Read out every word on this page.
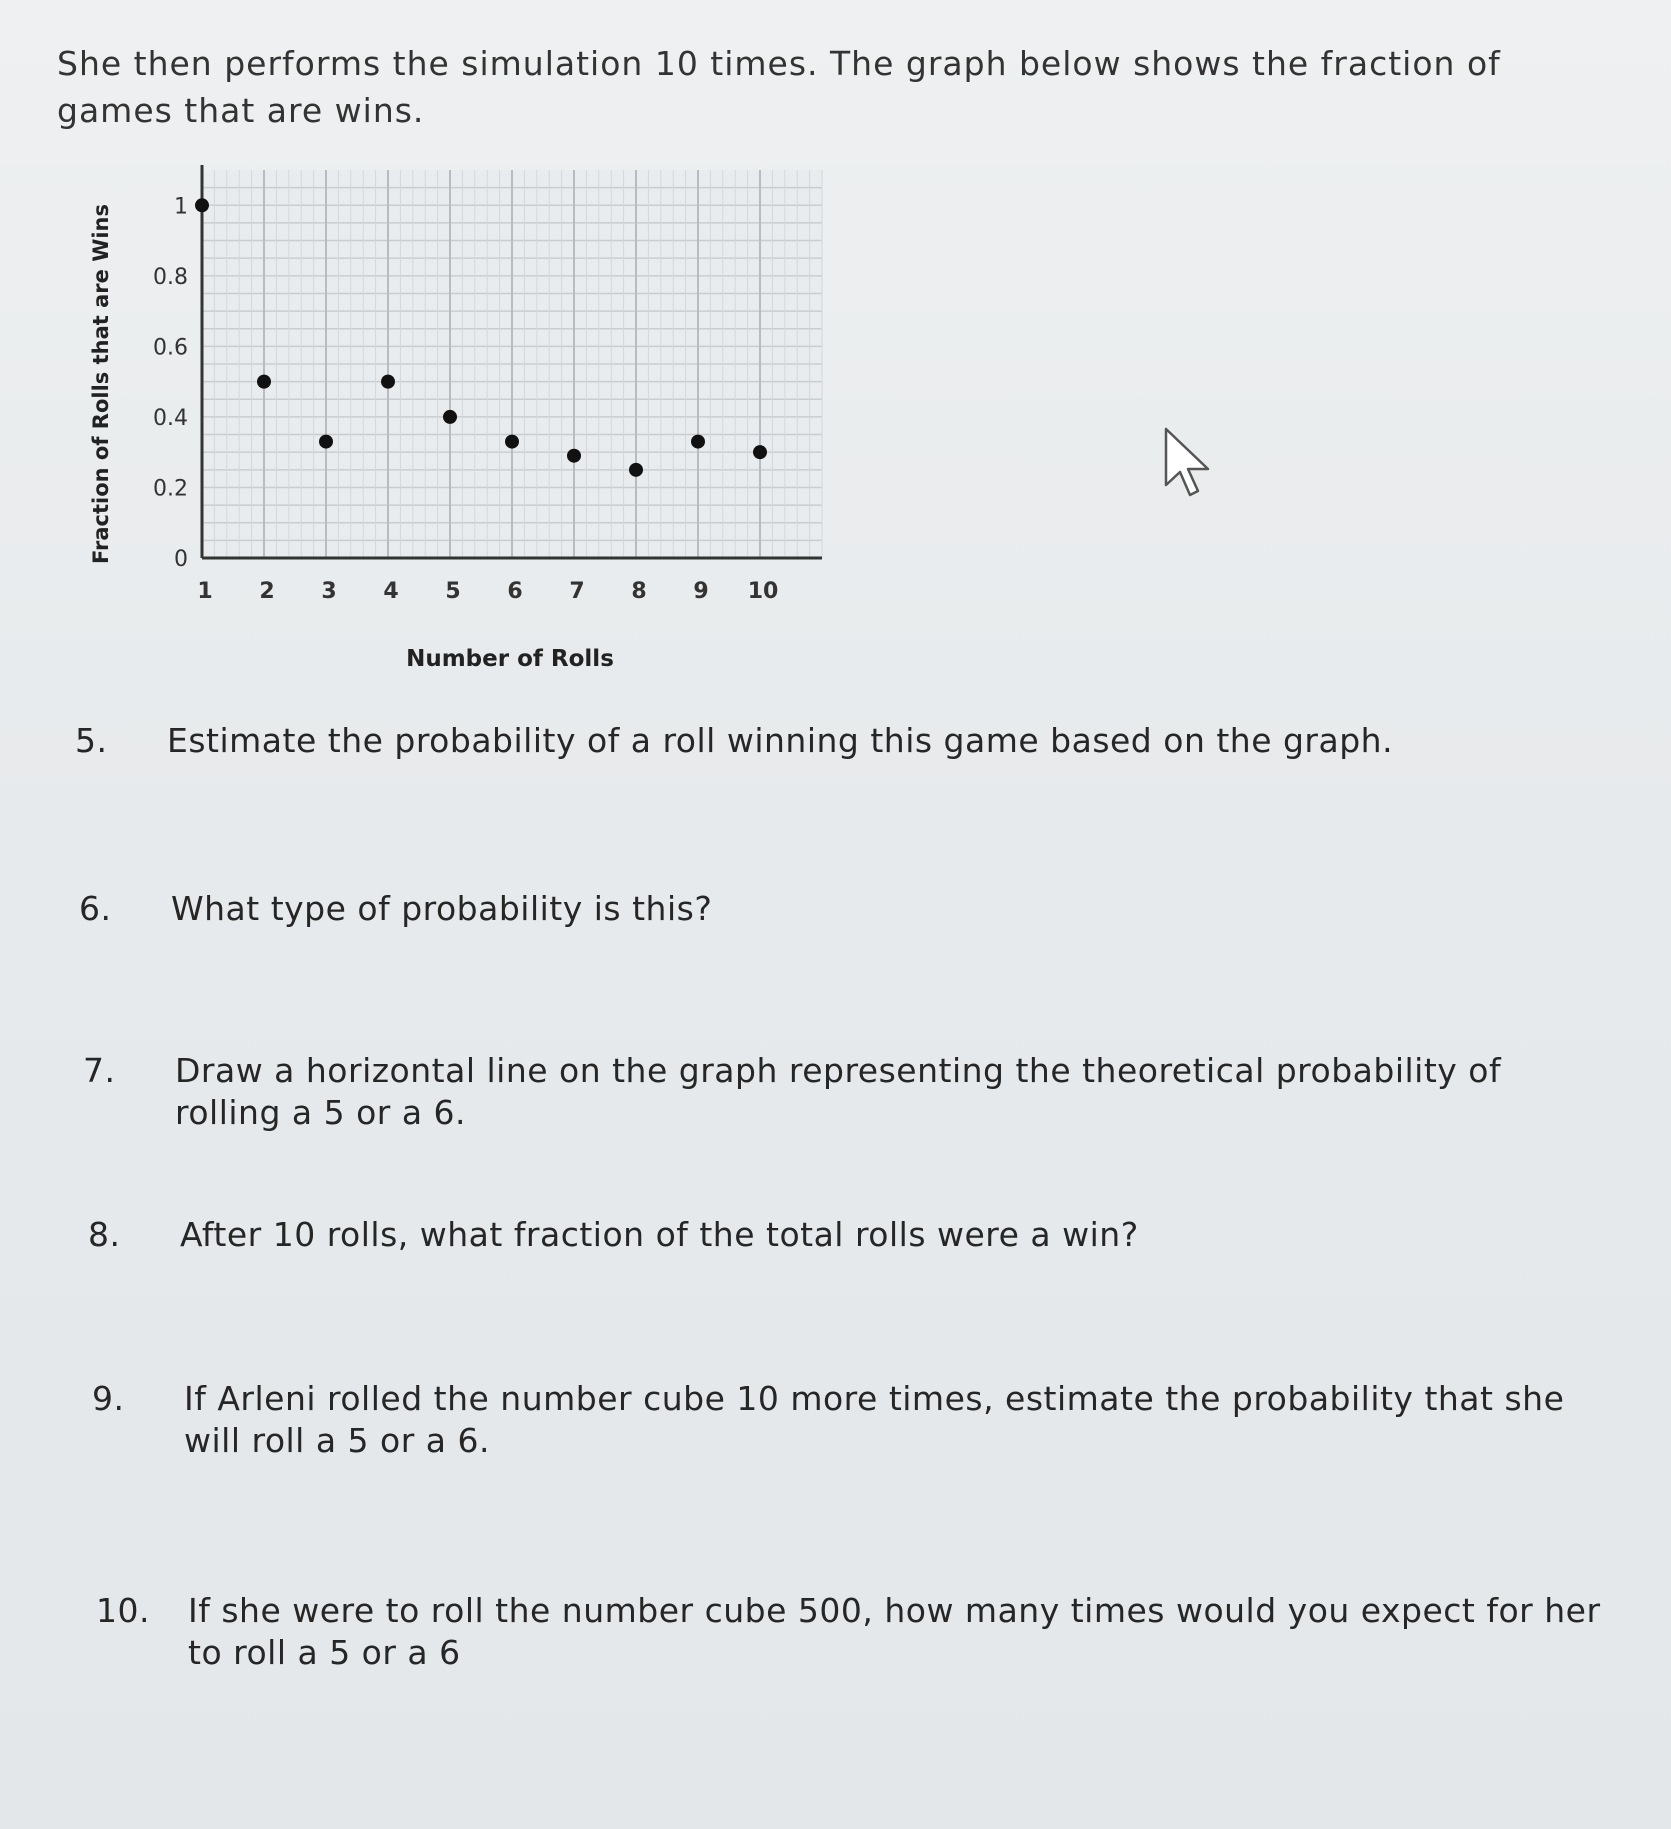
She then performs the simulation 10 times. The graph below shows the fraction of
games that are wins.
0
0.2
0.4
0.6
0.8
1
1 2 3 4 5 6 7 8 9 10
Number of Rolls
Fraction of Rolls that are Wins
5.	Estimate the probability of a roll winning this game based on the graph.
6.	What type of probability is this?
7.	Draw a horizontal line on the graph representing the theoretical probability of
rolling a 5 or a 6.
8.	After 10 rolls, what fraction of the total rolls were a win?
9.	If Arleni rolled the number cube 10 more times, estimate the probability that she
will roll a 5 or a 6.
10.	If she were to roll the number cube 500, how many times would you expect for her
to roll a 5 or a 6
